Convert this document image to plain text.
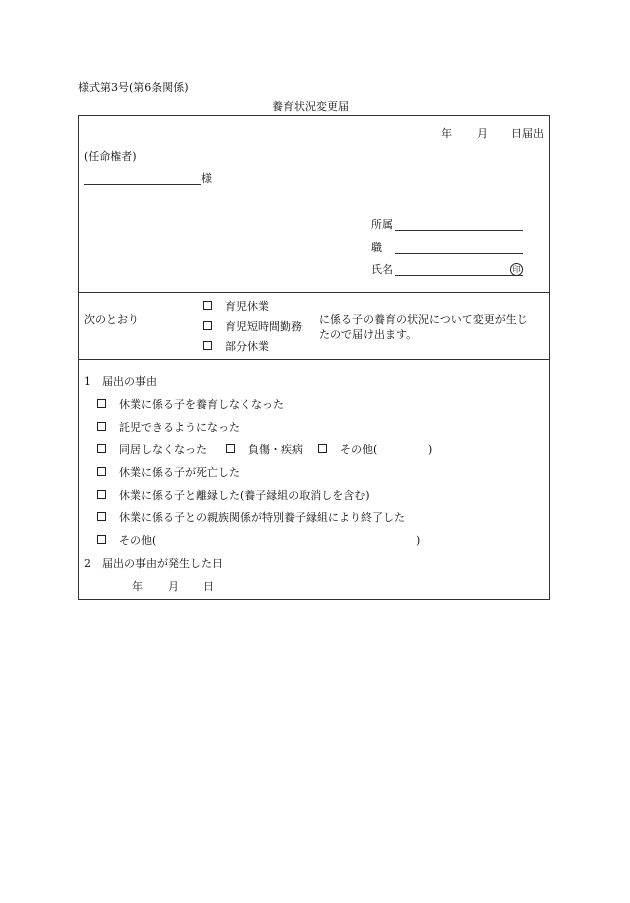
様式第3号(第6条関係)
養育状況変更届
年 月 日届出
(任命権者)
様
所属
職
氏名	印
次のとおり
育児休業
育児短時間勤務
部分休業
に係る子の養育の状況について変更が生じ
たので届け出ます。
1　届出の事由
休業に係る子を養育しなくなった
託児できるようになった
同居しなくなった	負傷・疾病	その他(	)
休業に係る子が死亡した
休業に係る子と離縁した(養子縁組の取消しを含む)
休業に係る子との親族関係が特別養子縁組により終了した
その他(	)
2　届出の事由が発生した日
年 月 日
